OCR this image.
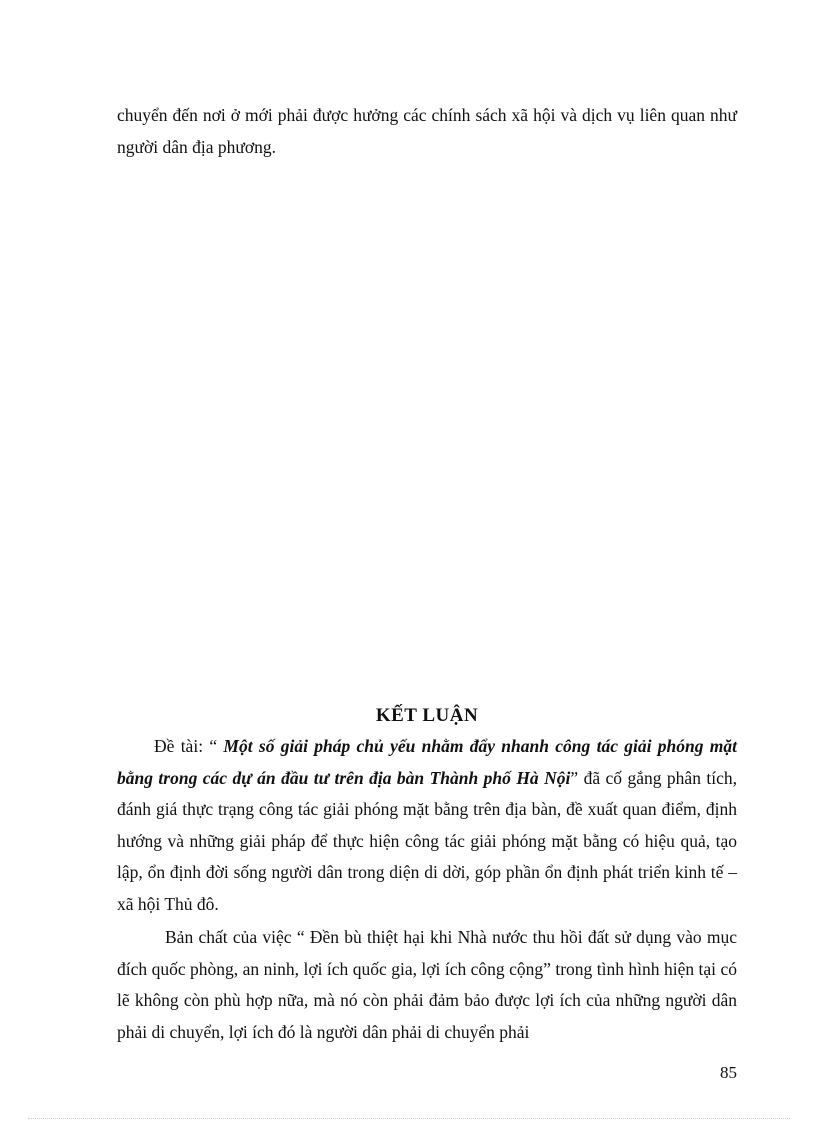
chuyển đến nơi ở mới phải được hưởng các chính sách xã hội và dịch vụ liên quan như người dân địa phương.

KẾT LUẬN

Đề tài: “ Một số giải pháp chủ yếu nhằm đẩy nhanh công tác giải phóng mặt bằng trong các dự án đầu tư trên địa bàn Thành phố Hà Nội” đã cố gắng phân tích, đánh giá thực trạng công tác giải phóng mặt bằng trên địa bàn, đề xuất quan điểm, định hướng và những giải pháp để thực hiện công tác giải phóng mặt bằng có hiệu quả, tạo lập, ổn định đời sống người dân trong diện di dời, góp phần ổn định phát triển kinh tế – xã hội Thủ đô.

Bản chất của việc “ Đền bù thiệt hại khi Nhà nước thu hồi đất sử dụng vào mục đích quốc phòng, an ninh, lợi ích quốc gia, lợi ích công cộng” trong tình hình hiện tại có lẽ không còn phù hợp nữa, mà nó còn phải đảm bảo được lợi ích của những người dân phải di chuyển, lợi ích đó là người dân phải di chuyển phải

85
